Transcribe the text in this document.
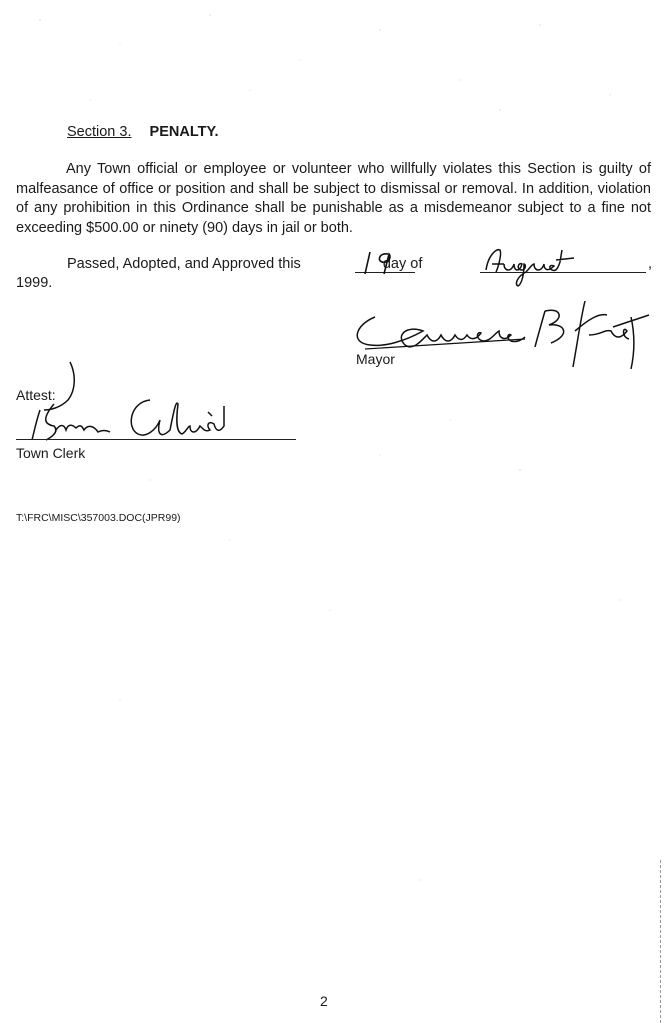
Section 3. PENALTY.

Any Town official or employee or volunteer who willfully violates this Section is guilty of malfeasance of office or position and shall be subject to dismissal or removal. In addition, violation of any prohibition in this Ordinance shall be punishable as a misdemeanor subject to a fine not exceeding $500.00 or ninety (90) days in jail or both.

Passed, Adopted, and Approved this	day of	,
1999.
Mayor
Attest:
Town Clerk
T:\FRC\MISC\357003.DOC(JPR99)
2
